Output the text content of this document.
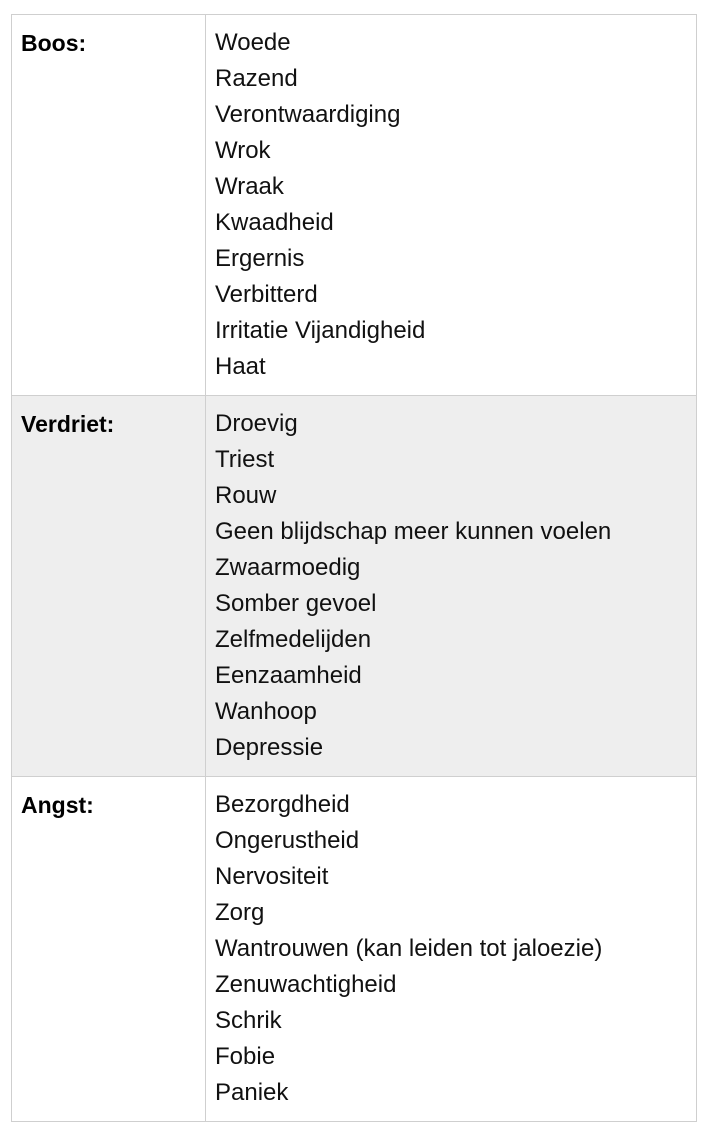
Boos:	Woede
Razend
Verontwaardiging
Wrok
Wraak
Kwaadheid
Ergernis
Verbitterd
Irritatie Vijandigheid
Haat
Verdriet:	Droevig
Triest
Rouw
Geen blijdschap meer kunnen voelen
Zwaarmoedig
Somber gevoel
Zelfmedelijden
Eenzaamheid
Wanhoop
Depressie
Angst:	Bezorgdheid
Ongerustheid
Nervositeit
Zorg
Wantrouwen (kan leiden tot jaloezie)
Zenuwachtigheid
Schrik
Fobie
Paniek
